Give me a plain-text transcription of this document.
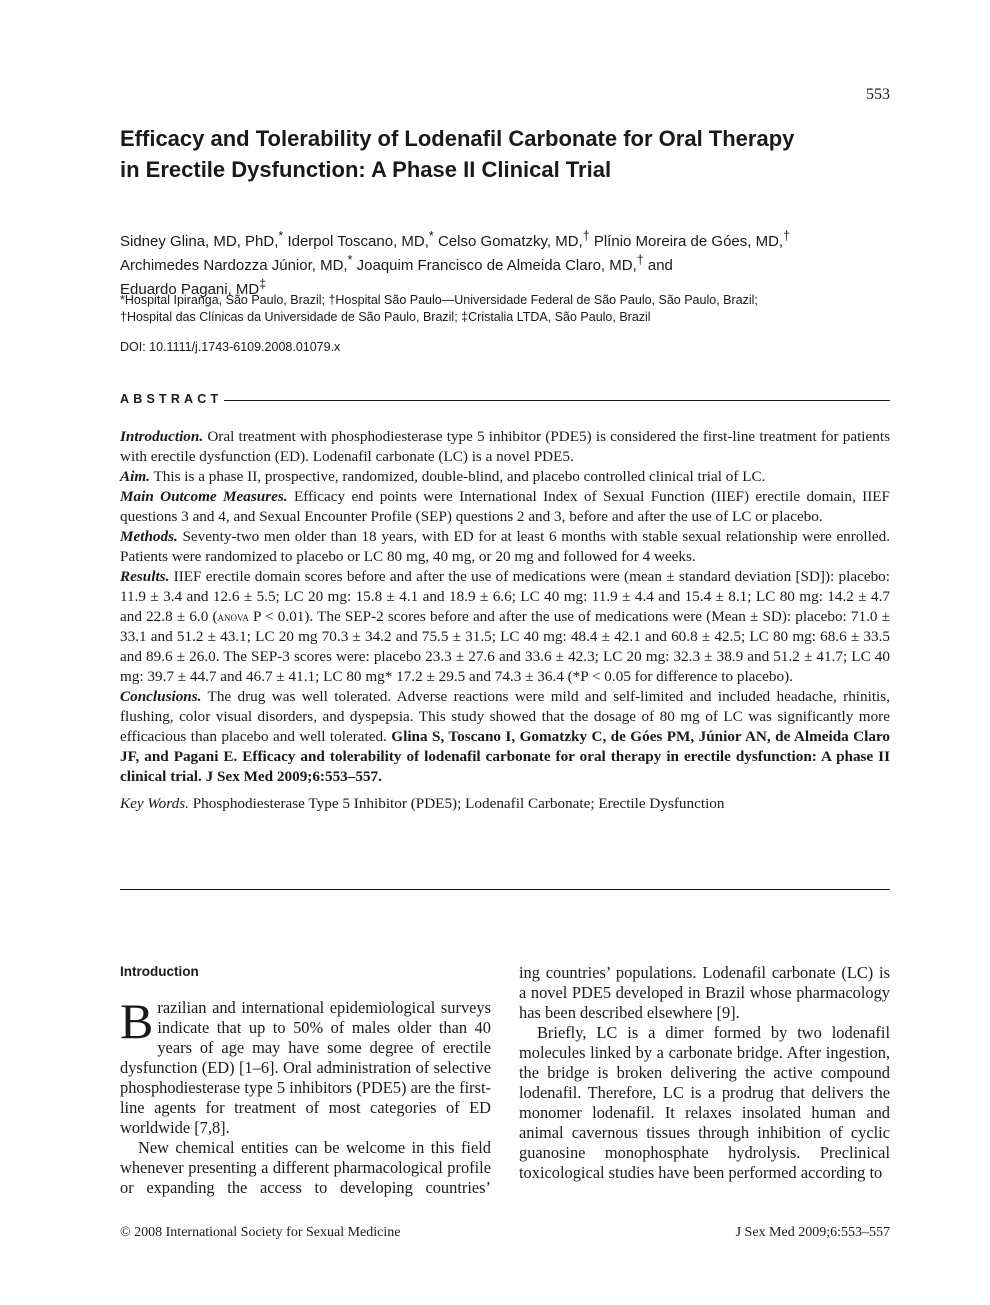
553
Efficacy and Tolerability of Lodenafil Carbonate for Oral Therapy
in Erectile Dysfunction: A Phase II Clinical Trial
Sidney Glina, MD, PhD,* Iderpol Toscano, MD,* Celso Gomatzky, MD,† Plínio Moreira de Góes, MD,†
Archimedes Nardozza Júnior, MD,* Joaquim Francisco de Almeida Claro, MD,† and
Eduardo Pagani, MD‡
*Hospital Ipiranga, São Paulo, Brazil; †Hospital São Paulo—Universidade Federal de São Paulo, São Paulo, Brazil;
†Hospital das Clínicas da Universidade de São Paulo, Brazil; ‡Cristalia LTDA, São Paulo, Brazil
DOI: 10.1111/j.1743-6109.2008.01079.x
ABSTRACT

Introduction. Oral treatment with phosphodiesterase type 5 inhibitor (PDE5) is considered the first-line treatment for patients with erectile dysfunction (ED). Lodenafil carbonate (LC) is a novel PDE5.

Aim. This is a phase II, prospective, randomized, double-blind, and placebo controlled clinical trial of LC.

Main Outcome Measures. Efficacy end points were International Index of Sexual Function (IIEF) erectile domain, IIEF questions 3 and 4, and Sexual Encounter Profile (SEP) questions 2 and 3, before and after the use of LC or placebo.

Methods. Seventy-two men older than 18 years, with ED for at least 6 months with stable sexual relationship were enrolled. Patients were randomized to placebo or LC 80 mg, 40 mg, or 20 mg and followed for 4 weeks.

Results. IIEF erectile domain scores before and after the use of medications were (mean ± standard deviation [SD]): placebo: 11.9 ± 3.4 and 12.6 ± 5.5; LC 20 mg: 15.8 ± 4.1 and 18.9 ± 6.6; LC 40 mg: 11.9 ± 4.4 and 15.4 ± 8.1; LC 80 mg: 14.2 ± 4.7 and 22.8 ± 6.0 (anova P < 0.01). The SEP-2 scores before and after the use of medications were (Mean ± SD): placebo: 71.0 ± 33.1 and 51.2 ± 43.1; LC 20 mg 70.3 ± 34.2 and 75.5 ± 31.5; LC 40 mg: 48.4 ± 42.1 and 60.8 ± 42.5; LC 80 mg: 68.6 ± 33.5 and 89.6 ± 26.0. The SEP-3 scores were: placebo 23.3 ± 27.6 and 33.6 ± 42.3; LC 20 mg: 32.3 ± 38.9 and 51.2 ± 41.7; LC 40 mg: 39.7 ± 44.7 and 46.7 ± 41.1; LC 80 mg* 17.2 ± 29.5 and 74.3 ± 36.4 (*P < 0.05 for difference to placebo).

Conclusions. The drug was well tolerated. Adverse reactions were mild and self-limited and included headache, rhinitis, flushing, color visual disorders, and dyspepsia. This study showed that the dosage of 80 mg of LC was significantly more efficacious than placebo and well tolerated. Glina S, Toscano I, Gomatzky C, de Góes PM, Júnior AN, de Almeida Claro JF, and Pagani E. Efficacy and tolerability of lodenafil carbonate for oral therapy in erectile dysfunction: A phase II clinical trial. J Sex Med 2009;6:553–557.

Key Words. Phosphodiesterase Type 5 Inhibitor (PDE5); Lodenafil Carbonate; Erectile Dysfunction

Introduction

Brazilian and international epidemiological surveys indicate that up to 50% of males older than 40 years of age may have some degree of erectile dysfunction (ED) [1–6]. Oral administration of selective phosphodiesterase type 5 inhibitors (PDE5) are the first-line agents for treatment of most categories of ED worldwide [7,8].

New chemical entities can be welcome in this field whenever presenting a different pharmacological profile or expanding the access to developing countries’

ing countries’ populations. Lodenafil carbonate (LC) is a novel PDE5 developed in Brazil whose pharmacology has been described elsewhere [9].

Briefly, LC is a dimer formed by two lodenafil molecules linked by a carbonate bridge. After ingestion, the bridge is broken delivering the active compound lodenafil. Therefore, LC is a prodrug that delivers the monomer lodenafil. It relaxes insolated human and animal cavernous tissues through inhibition of cyclic guanosine monophosphate hydrolysis. Preclinical toxicological studies have been performed according to

© 2008 International Society for Sexual Medicine	J Sex Med 2009;6:553–557
